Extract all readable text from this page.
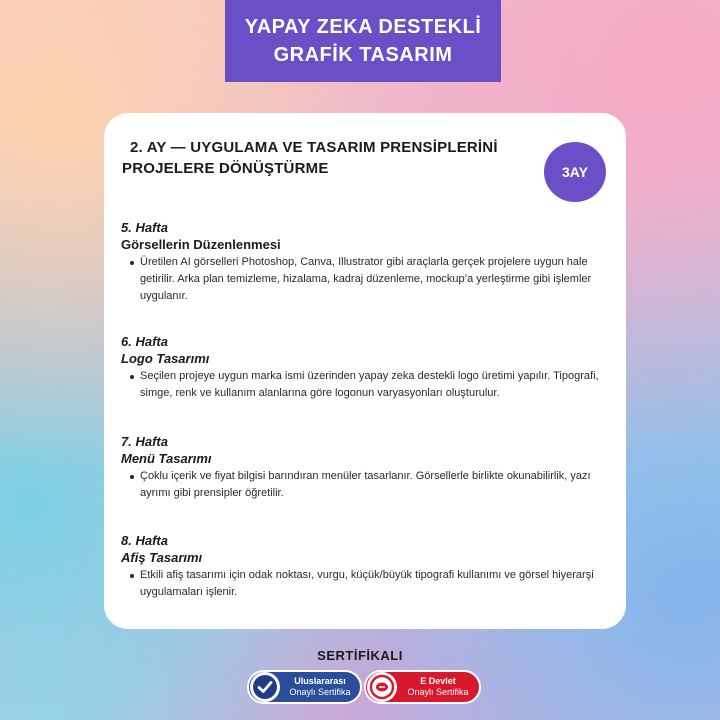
YAPAY ZEKA DESTEKLİ
GRAFİK TASARIM
2. AY — UYGULAMA VE TASARIM PRENSİPLERİNİ
PROJELERE DÖNÜŞTÜRME	3AY
5. Hafta
Görsellerin Düzenlenmesi
Üretilen AI görselleri Photoshop, Canva, Illustrator gibi araçlarla gerçek projelere uygun hale getirilir. Arka plan temizleme, hizalama, kadraj düzenleme, mockup’a yerleştirme gibi işlemler uygulanır.
6. Hafta
Logo Tasarımı
Seçilen projeye uygun marka ismi üzerinden yapay zeka destekli logo üretimi yapılır. Tipografi, simge, renk ve kullanım alanlarına göre logonun varyasyonları oluşturulur.
7. Hafta
Menü Tasarımı
Çoklu içerik ve fiyat bilgisi barındıran menüler tasarlanır. Görsellerle birlikte okunabilirlik, yazı ayrımı gibi prensipler öğretilir.
8. Hafta
Afiş Tasarımı
Etkili afiş tasarımı için odak noktası, vurgu, küçük/büyük tipografi kullanımı ve görsel hiyerarşi uygulamaları işlenir.
SERTİFİKALI
Uluslararası
Onaylı Sertifika
E Devlet
Onaylı Sertifika
